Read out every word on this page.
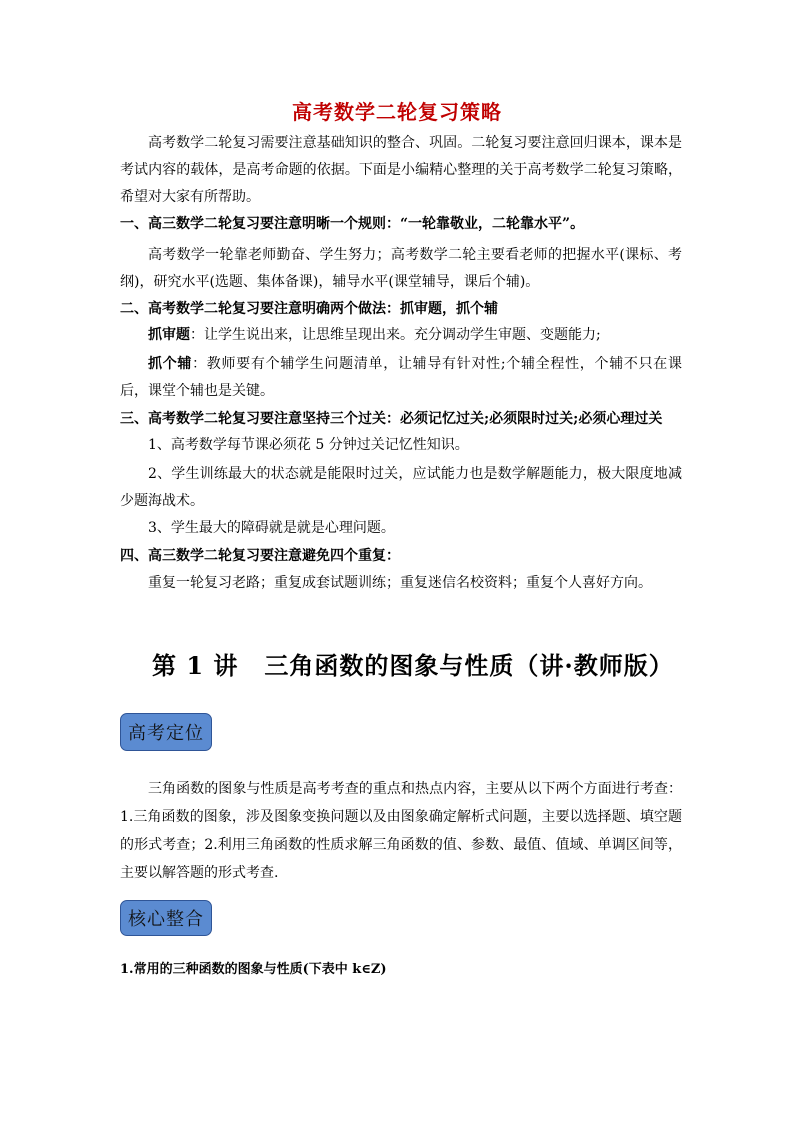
高考数学二轮复习策略
高考数学二轮复习需要注意基础知识的整合、巩固。二轮复习要注意回归课本，课本是考试内容的载体，是高考命题的依据。下面是小编精心整理的关于高考数学二轮复习策略，希望对大家有所帮助。
一、高三数学二轮复习要注意明晰一个规则：“一轮靠敬业，二轮靠水平”。
高考数学一轮靠老师勤奋、学生努力；高考数学二轮主要看老师的把握水平(课标、考纲)，研究水平(选题、集体备课)，辅导水平(课堂辅导，课后个辅)。
二、高考数学二轮复习要注意明确两个做法：抓审题，抓个辅
抓审题：让学生说出来，让思维呈现出来。充分调动学生审题、变题能力;
抓个辅：教师要有个辅学生问题清单，让辅导有针对性;个辅全程性，个辅不只在课后，课堂个辅也是关键。
三、高考数学二轮复习要注意坚持三个过关：必须记忆过关;必须限时过关;必须心理过关
1、高考数学每节课必须花 5 分钟过关记忆性知识。
2、学生训练最大的状态就是能限时过关，应试能力也是数学解题能力，极大限度地减少题海战术。
3、学生最大的障碍就是就是心理问题。
四、高三数学二轮复习要注意避免四个重复：
重复一轮复习老路；重复成套试题训练；重复迷信名校资料；重复个人喜好方向。
第 1 讲 三角函数的图象与性质（讲·教师版）
高考定位
三角函数的图象与性质是高考考查的重点和热点内容，主要从以下两个方面进行考查：1.三角函数的图象，涉及图象变换问题以及由图象确定解析式问题，主要以选择题、填空题的形式考查；2.利用三角函数的性质求解三角函数的值、参数、最值、值域、单调区间等，主要以解答题的形式考查.
核心整合
1.常用的三种函数的图象与性质(下表中 k∈Z)
